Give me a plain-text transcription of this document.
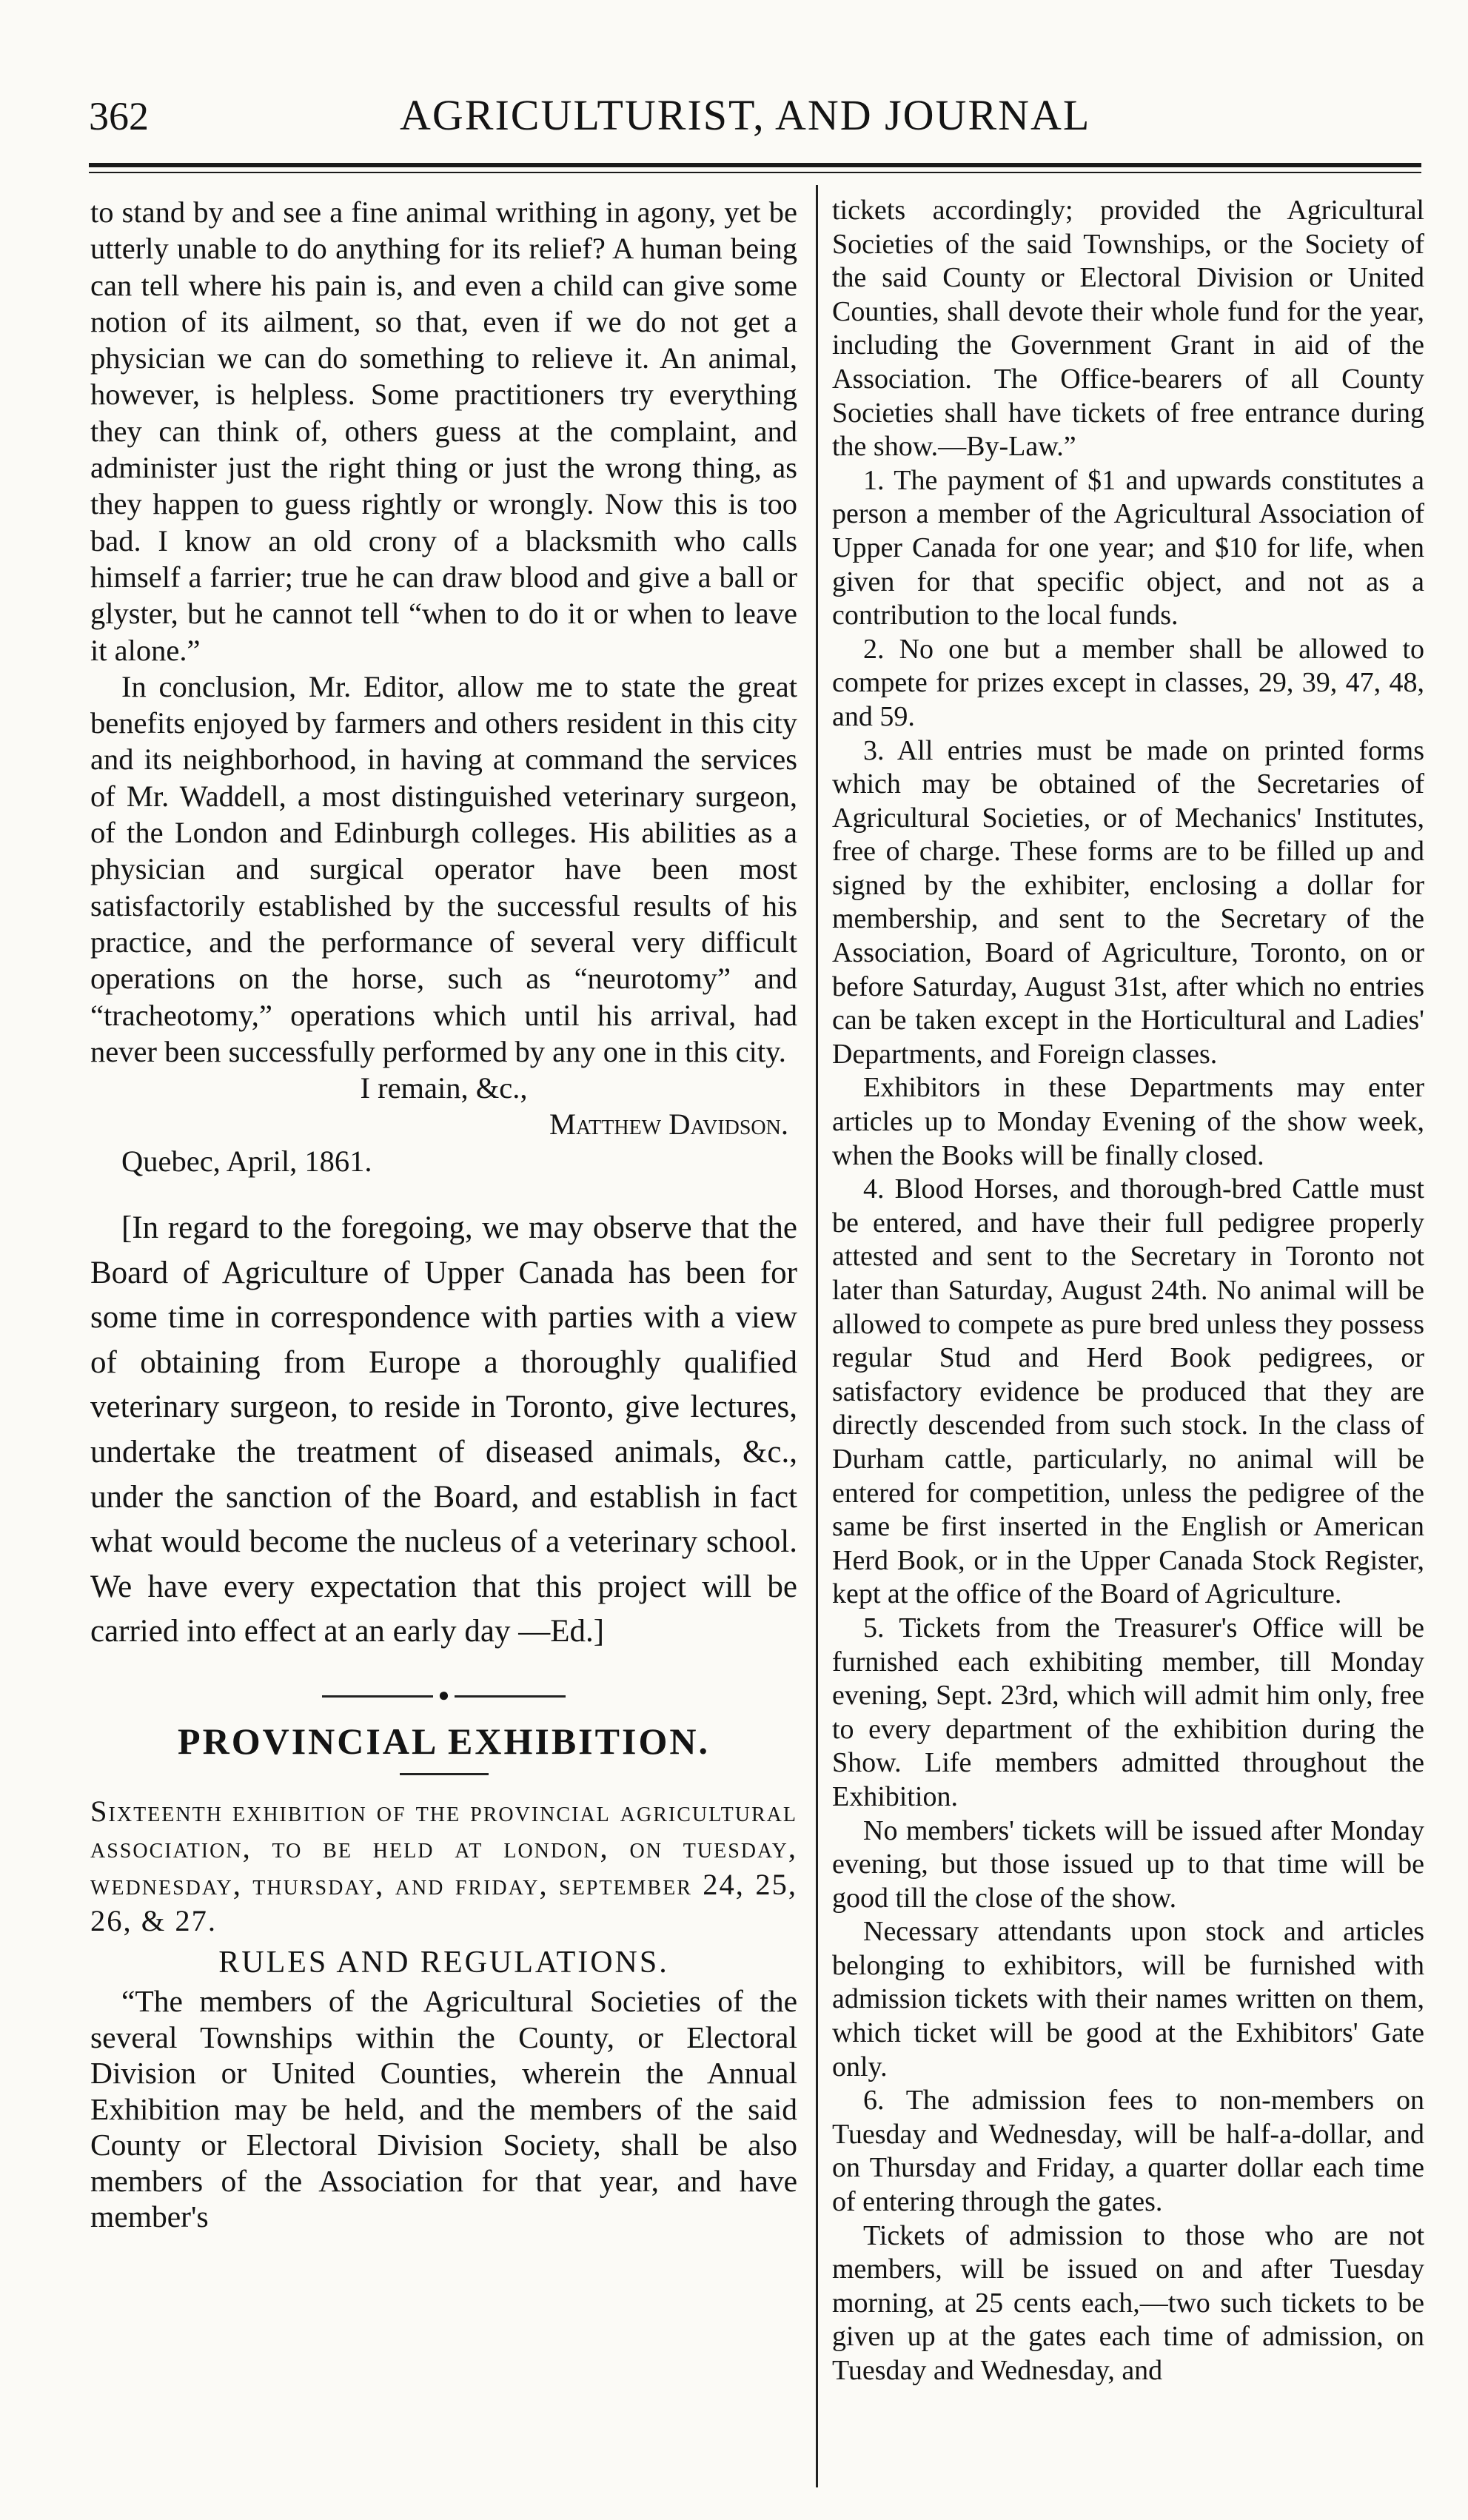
362	AGRICULTURIST, AND JOURNAL

to stand by and see a fine animal writhing in agony, yet be utterly unable to do anything for its relief? A human being can tell where his pain is, and even a child can give some notion of its ailment, so that, even if we do not get a physician we can do something to relieve it. An animal, however, is helpless. Some practitioners try everything they can think of, others guess at the complaint, and administer just the right thing or just the wrong thing, as they happen to guess rightly or wrongly. Now this is too bad. I know an old crony of a blacksmith who calls himself a farrier; true he can draw blood and give a ball or glyster, but he cannot tell “when to do it or when to leave it alone.”

In conclusion, Mr. Editor, allow me to state the great benefits enjoyed by farmers and others resident in this city and its neighborhood, in having at command the services of Mr. Waddell, a most distinguished veterinary surgeon, of the London and Edinburgh colleges. His abilities as a physician and surgical operator have been most satisfactorily established by the successful results of his practice, and the performance of several very difficult operations on the horse, such as “neurotomy” and “tracheotomy,” operations which until his arrival, had never been successfully performed by any one in this city.

I remain, &c.,

Matthew Davidson.

Quebec, April, 1861.

[In regard to the foregoing, we may observe that the Board of Agriculture of Upper Canada has been for some time in correspondence with parties with a view of obtaining from Europe a thoroughly qualified veterinary surgeon, to reside in Toronto, give lectures, undertake the treatment of diseased animals, &c., under the sanction of the Board, and establish in fact what would become the nucleus of a veterinary school. We have every expectation that this project will be carried into effect at an early day —Ed.]

●
PROVINCIAL EXHIBITION.

Sixteenth exhibition of the provincial agricultural association, to be held at london, on tuesday, wednesday, thursday, and friday, september 24, 25, 26, & 27.

RULES AND REGULATIONS.

“The members of the Agricultural Societies of the several Townships within the County, or Electoral Division or United Counties, wherein the Annual Exhibition may be held, and the members of the said County or Electoral Division Society, shall be also members of the Association for that year, and have member's

tickets accordingly; provided the Agricultural Societies of the said Townships, or the Society of the said County or Electoral Division or United Counties, shall devote their whole fund for the year, including the Government Grant in aid of the Association. The Office-bearers of all County Societies shall have tickets of free entrance during the show.—By-Law.”

1. The payment of $1 and upwards constitutes a person a member of the Agricultural Association of Upper Canada for one year; and $10 for life, when given for that specific object, and not as a contribution to the local funds.

2. No one but a member shall be allowed to compete for prizes except in classes, 29, 39, 47, 48, and 59.

3. All entries must be made on printed forms which may be obtained of the Secretaries of Agricultural Societies, or of Mechanics' Institutes, free of charge. These forms are to be filled up and signed by the exhibiter, enclosing a dollar for membership, and sent to the Secretary of the Association, Board of Agriculture, Toronto, on or before Saturday, August 31st, after which no entries can be taken except in the Horticultural and Ladies' Departments, and Foreign classes.

Exhibitors in these Departments may enter articles up to Monday Evening of the show week, when the Books will be finally closed.

4. Blood Horses, and thorough-bred Cattle must be entered, and have their full pedigree properly attested and sent to the Secretary in Toronto not later than Saturday, August 24th. No animal will be allowed to compete as pure bred unless they possess regular Stud and Herd Book pedigrees, or satisfactory evidence be produced that they are directly descended from such stock. In the class of Durham cattle, particularly, no animal will be entered for competition, unless the pedigree of the same be first inserted in the English or American Herd Book, or in the Upper Canada Stock Register, kept at the office of the Board of Agriculture.

5. Tickets from the Treasurer's Office will be furnished each exhibiting member, till Monday evening, Sept. 23rd, which will admit him only, free to every department of the exhibition during the Show. Life members admitted throughout the Exhibition.

No members' tickets will be issued after Monday evening, but those issued up to that time will be good till the close of the show.

Necessary attendants upon stock and articles belonging to exhibitors, will be furnished with admission tickets with their names written on them, which ticket will be good at the Exhibitors' Gate only.

6. The admission fees to non-members on Tuesday and Wednesday, will be half-a-dollar, and on Thursday and Friday, a quarter dollar each time of entering through the gates.

Tickets of admission to those who are not members, will be issued on and after Tuesday morning, at 25 cents each,—two such tickets to be given up at the gates each time of admission, on Tuesday and Wednesday, and
